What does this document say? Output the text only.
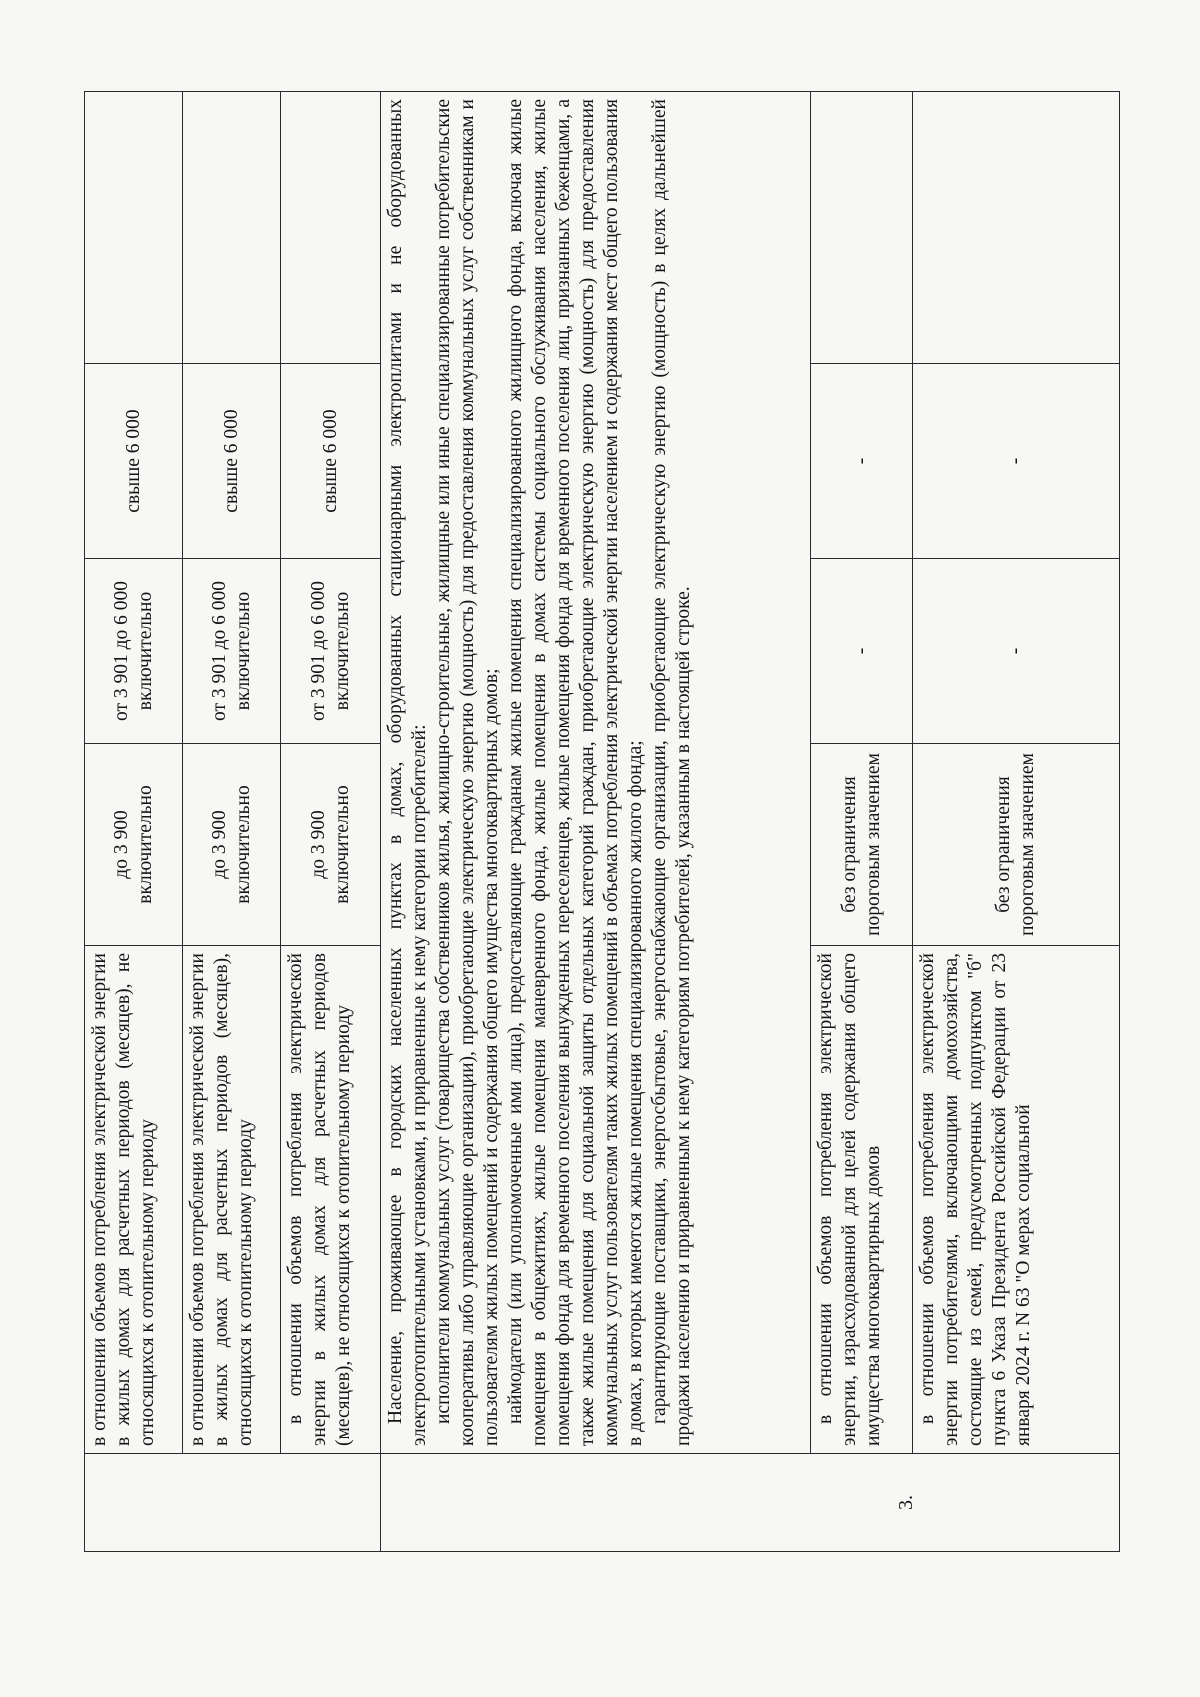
	в отношении объемов потребления электрической энергии в жилых домах для расчетных периодов (месяцев), не относящихся к отопительному периоду	до 3 900 включительно	от 3 901 до 6 000 включительно	свыше 6 000	
	в отношении объемов потребления электрической энергии в жилых домах для расчетных периодов (месяцев), относящихся к отопительному периоду	до 3 900 включительно	от 3 901 до 6 000 включительно	свыше 6 000	
	в отношении объемов потребления электрической энергии в жилых домах для расчетных периодов (месяцев), не относящихся к отопительному периоду	до 3 900 включительно	от 3 901 до 6 000 включительно	свыше 6 000	
3.	Население, проживающее в городских населенных пунктах в домах, оборудованных стационарными электроплитами и не оборудованных электроотопительными установками, и приравненные к нему категории потребителей: исполнители коммунальных услуг (товарищества собственников жилья, жилищно-строительные, жилищные или иные специализированные потребительские кооперативы либо управляющие организации), приобретающие электрическую энергию (мощность) для предоставления коммунальных услуг собственникам и пользователям жилых помещений и содержания общего имущества многоквартирных домов; наймодатели (или уполномоченные ими лица), предоставляющие гражданам жилые помещения специализированного жилищного фонда, включая жилые помещения в общежитиях, жилые помещения маневренного фонда, жилые помещения в домах системы социального обслуживания населения, жилые помещения фонда для временного поселения вынужденных переселенцев, жилые помещения фонда для временного поселения лиц, признанных беженцами, а также жилые помещения для социальной защиты отдельных категорий граждан, приобретающие электрическую энергию (мощность) для предоставления коммунальных услуг пользователям таких жилых помещений в объемах потребления электрической энергии населением и содержания мест общего пользования в домах, в которых имеются жилые помещения специализированного жилого фонда; гарантирующие поставщики, энергосбытовые, энергоснабжающие организации, приобретающие электрическую энергию (мощность) в целях дальнейшей продажи населению и приравненным к нему категориям потребителей, указанным в настоящей строке.				

	в отношении объемов потребления электрической энергии, израсходованной для целей содержания общего имущества многоквартирных домов	без ограничения пороговым значением	-	-	
	в отношении объемов потребления электрической энергии потребителями, включающими домохозяйства, состоящие из семей, предусмотренных подпунктом "б" пункта 6 Указа Президента Российской Федерации от 23 января 2024 г. N 63 "О мерах социальной	без ограничения пороговым значением	-	-	
